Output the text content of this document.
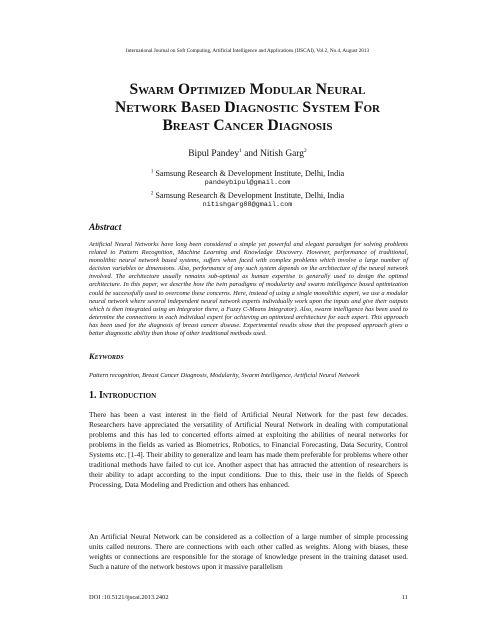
International Journal on Soft Computing, Artificial Intelligence and Applications (IJSCAI), Vol.2, No.4, August 2013
Swarm Optimized Modular Neural
Network Based Diagnostic System For
Breast Cancer Diagnosis
Bipul Pandey$^1$ and Nitish Garg$^2$
$^1$ Samsung Research & Development Institute, Delhi, India
pandeybipul@gmail.com
$^2$ Samsung Research & Development Institute, Delhi, India
nitishgarg88@gmail.com
Abstract
Artificial Neural Networks have long been considered a simple yet powerful and elegant paradigm for solving problems related to Pattern Recognition, Machine Learning and Knowledge Discovery. However, performance of traditional, monolithic neural network based systems, suffers when faced with complex problems which involve a large number of decision variables or dimensions. Also, performance of any such system depends on the architecture of the neural network involved. The architecture usually remains sub-optimal as human expertise is generally used to design the optimal architecture. In this paper, we describe how the twin paradigms of modularity and swarm intelligence based optimization could be successfully used to overcome these concerns. Here, instead of using a single monolithic expert, we use a modular neural network where several independent neural network experts individually work upon the inputs and give their outputs which is then integrated using an Integrator there, a Fuzzy C-Means Integrator). Also, swarm intelligence has been used to determine the connections in each individual expert for achieving an optimized architecture for each expert. This approach has been used for the diagnosis of breast cancer disease. Experimental results show that the proposed approach gives a better diagnostic ability than those of other traditional methods used.
Keywords
Pattern recognition, Breast Cancer Diagnosis, Modularity, Swarm Intelligence, Artificial Neural Network
1. Introduction
There has been a vast interest in the field of Artificial Neural Network for the past few decades. Researchers have appreciated the versatility of Artificial Neural Network in dealing with computational problems and this has led to concerted efforts aimed at exploiting the abilities of neural networks for problems in the fields as varied as Biometrics, Robotics, to Financial Forecasting, Data Security, Control Systems etc. [1-4]. Their ability to generalize and learn has made them preferable for problems where other traditional methods have failed to cut ice. Another aspect that has attracted the attention of researchers is their ability to adapt according to the input conditions. Due to this, their use in the fields of Speech Processing, Data Modeling and Prediction and others has enhanced.
An Artificial Neural Network can be considered as a collection of a large number of simple processing units called neurons. There are connections with each other called as weights. Along with biases, these weights or connections are responsible for the storage of knowledge present in the training dataset used. Such a nature of the network bestows upon it massive parallelism
DOI :10.5121/ijscai.2013.2402	11
